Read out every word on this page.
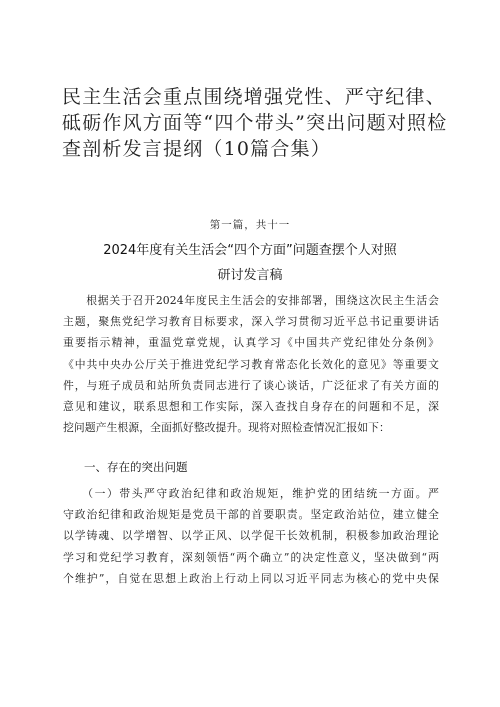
民主生活会重点围绕增强党性、严守纪律、砥砺作风方面等“四个带头”突出问题对照检查剖析发言提纲（10篇合集）
第一篇，共十一
2024年度有关生活会“四个方面”问题查摆个人对照
研讨发言稿
　　根据关于召开2024年度民主生活会的安排部署，围绕这次民主生活会
主题，聚焦党纪学习教育目标要求，深入学习贯彻习近平总书记重要讲话
重要指示精神，重温党章党规，认真学习《中国共产党纪律处分条例》
《中共中央办公厅关于推进党纪学习教育常态化长效化的意见》等重要文
件，与班子成员和站所负责同志进行了谈心谈话，广泛征求了有关方面的
意见和建议，联系思想和工作实际，深入查找自身存在的问题和不足，深
挖问题产生根源，全面抓好整改提升。现将对照检查情况汇报如下：
一、存在的突出问题
　　（一）带头严守政治纪律和政治规矩，维护党的团结统一方面。严
守政治纪律和政治规矩是党员干部的首要职责。坚定政治站位，建立健全
以学铸魂、以学增智、以学正风、以学促干长效机制，积极参加政治理论
学习和党纪学习教育，深刻领悟“两个确立”的决定性意义，坚决做到“两
个维护”，自觉在思想上政治上行动上同以习近平同志为核心的党中央保
